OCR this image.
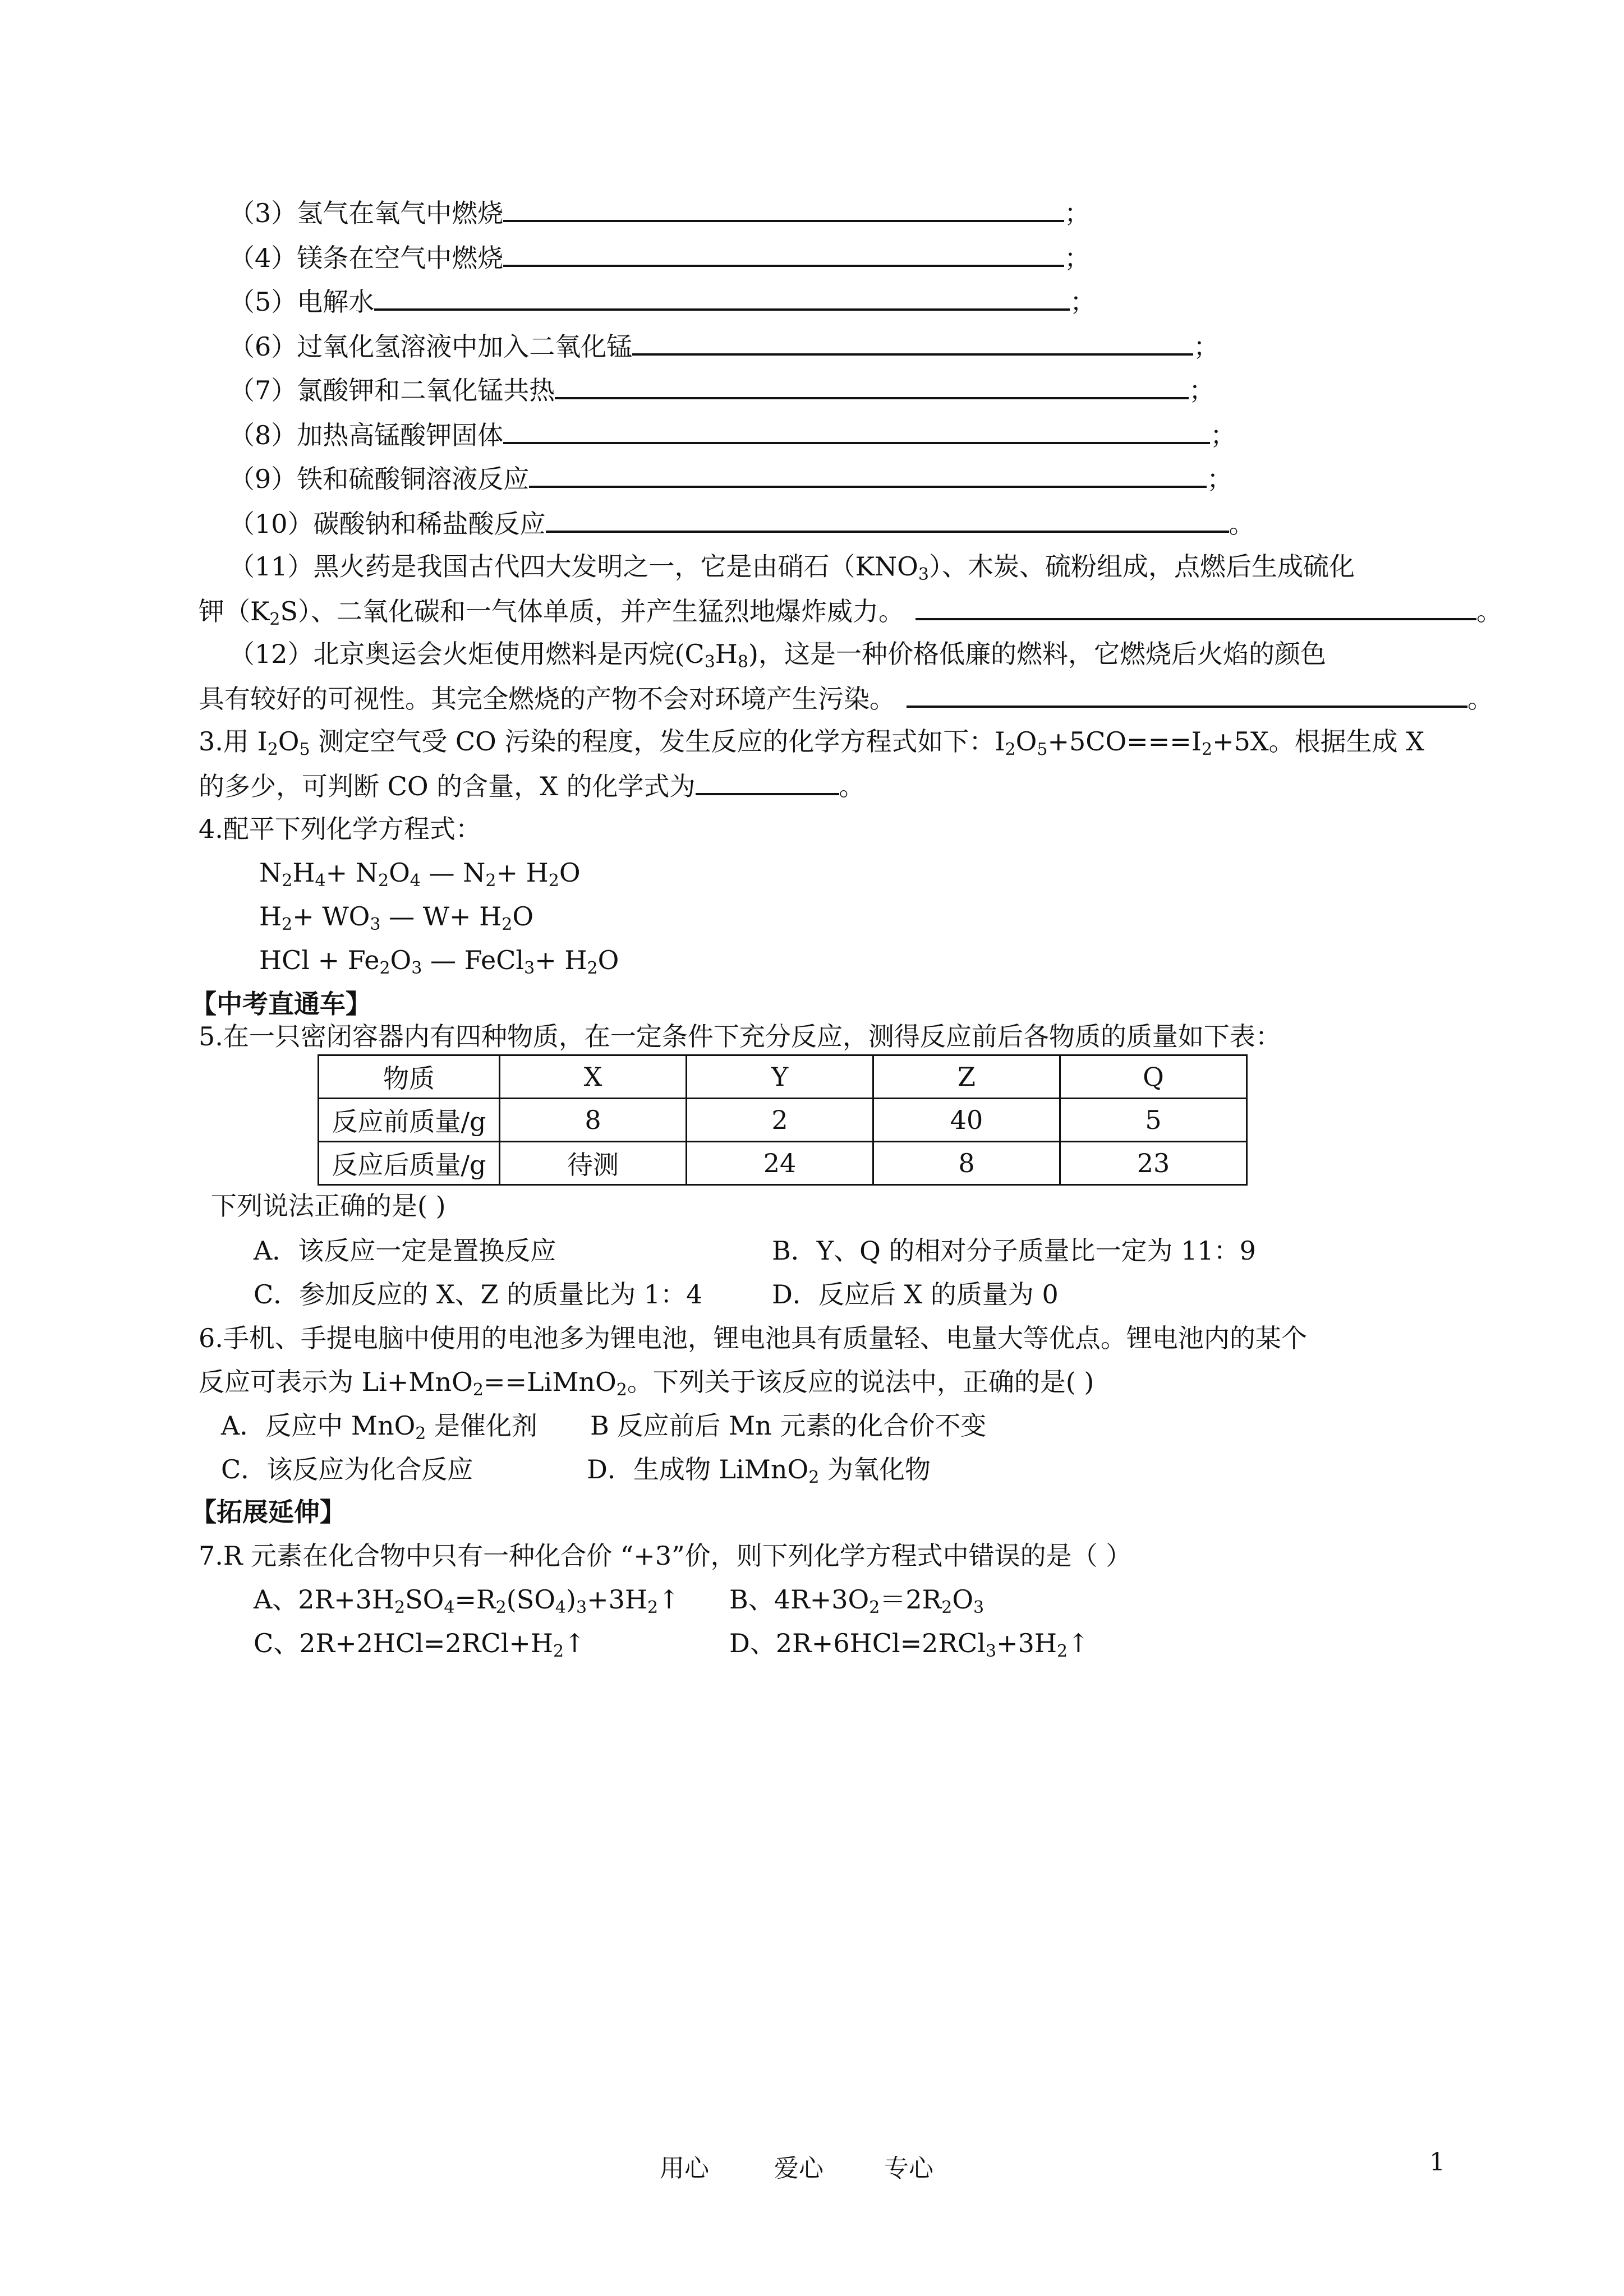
（3）氢气在氧气中燃烧	；
（4）镁条在空气中燃烧	；
（5）电解水	；
（6）过氧化氢溶液中加入二氧化锰	；
（7）氯酸钾和二氧化锰共热	；
（8）加热高锰酸钾固体	；
（9）铁和硫酸铜溶液反应	；
（10）碳酸钠和稀盐酸反应	。
（11）黑火药是我国古代四大发明之一，它是由硝石$(KNO_3)$、木炭、硫粉组成，点燃后生成硫化
钾$(K_2S)$、二氧化碳和一气体单质，并产生猛烈地爆炸威力。	。
（12）北京奥运会火炬使用燃料是丙烷$(C_3H_8)$，这是一种价格低廉的燃料，它燃烧后火焰的颜色
具有较好的可视性。其完全燃烧的产物不会对环境产生污染。	。
3.用 $I_2O_5$ 测定空气受 CO 污染的程度，发生反应的化学方程式如下：$I_2O_5+5CO===I_2+5X$。根据生成 X
的多少，可判断 CO 的含量，X 的化学式为	。
4.配平下列化学方程式：
$N_2H_4+ N_2O_4$ — $N_2+ H_2O$
$H_2+ WO_3$ — $W+ H_2O$
HCl + $Fe_2O_3$ — FeCl$_3$+ $H_2O$
【中考直通车】
5.在一只密闭容器内有四种物质，在一定条件下充分反应，测得反应前后各物质的质量如下表：
物质	X	Y	Z	Q
反应前质量/g	8	2	40	5
反应后质量/g	待测	24	8	23
下列说法正确的是( )
A．该反应一定是置换反应	B．Y、Q 的相对分子质量比一定为 11：9
C．参加反应的 X、Z 的质量比为 1：4	D．反应后 X 的质量为 0
6.手机、手提电脑中使用的电池多为锂电池，锂电池具有质量轻、电量大等优点。锂电池内的某个
反应可表示为 Li+MnO$_2$==LiMnO$_2$。下列关于该反应的说法中，正确的是( )
A．反应中 MnO$_2$ 是催化剂 B 反应前后 Mn 元素的化合价不变
C．该反应为化合反应	D．生成物 LiMnO$_2$ 为氧化物
【拓展延伸】
7.R 元素在化合物中只有一种化合价 “+3”价，则下列化学方程式中错误的是（ ）
A、$2R+3H_2SO_4=R_2(SO_4)_3+3H_2↑$ B、$4R+3O_2=2R_2O_3$
C、$2R+2HCl=2RCl+H_2↑$	D、$2R+6HCl=2RCl_3+3H_2↑$
用心	爱心 专心	1
